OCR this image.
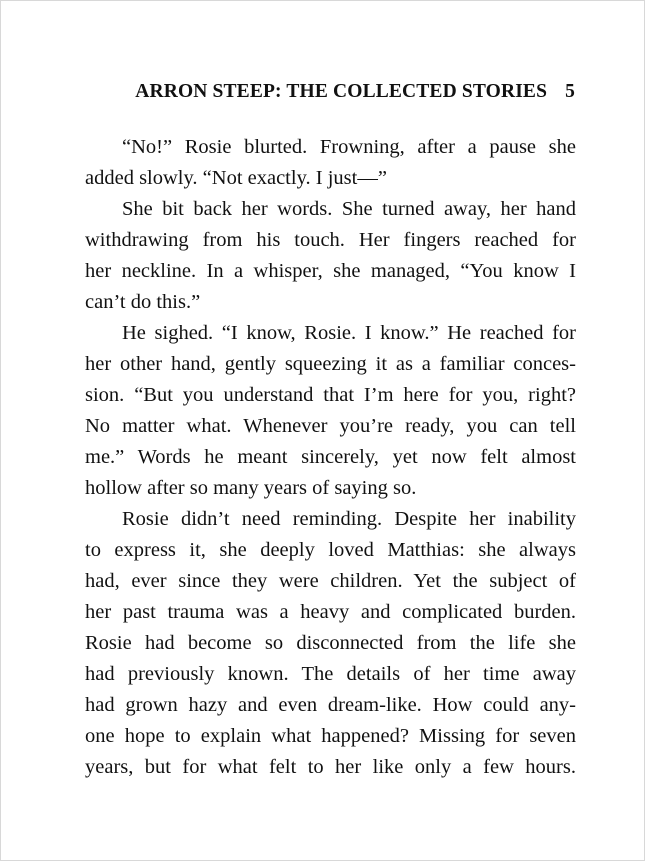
ARRON STEEP: THE COLLECTED STORIES 5
“No!” Rosie blurted. Frowning, after a pause she
added slowly. “Not exactly. I just—”
She bit back her words. She turned away, her hand
withdrawing from his touch. Her fingers reached for
her neckline. In a whisper, she managed, “You know I
can’t do this.”
He sighed. “I know, Rosie. I know.” He reached for
her other hand, gently squeezing it as a familiar conces-
sion. “But you understand that I’m here for you, right?
No matter what. Whenever you’re ready, you can tell
me.” Words he meant sincerely, yet now felt almost
hollow after so many years of saying so.
Rosie didn’t need reminding. Despite her inability
to express it, she deeply loved Matthias: she always
had, ever since they were children. Yet the subject of
her past trauma was a heavy and complicated burden.
Rosie had become so disconnected from the life she
had previously known. The details of her time away
had grown hazy and even dream-like. How could any-
one hope to explain what happened? Missing for seven
years, but for what felt to her like only a few hours.
